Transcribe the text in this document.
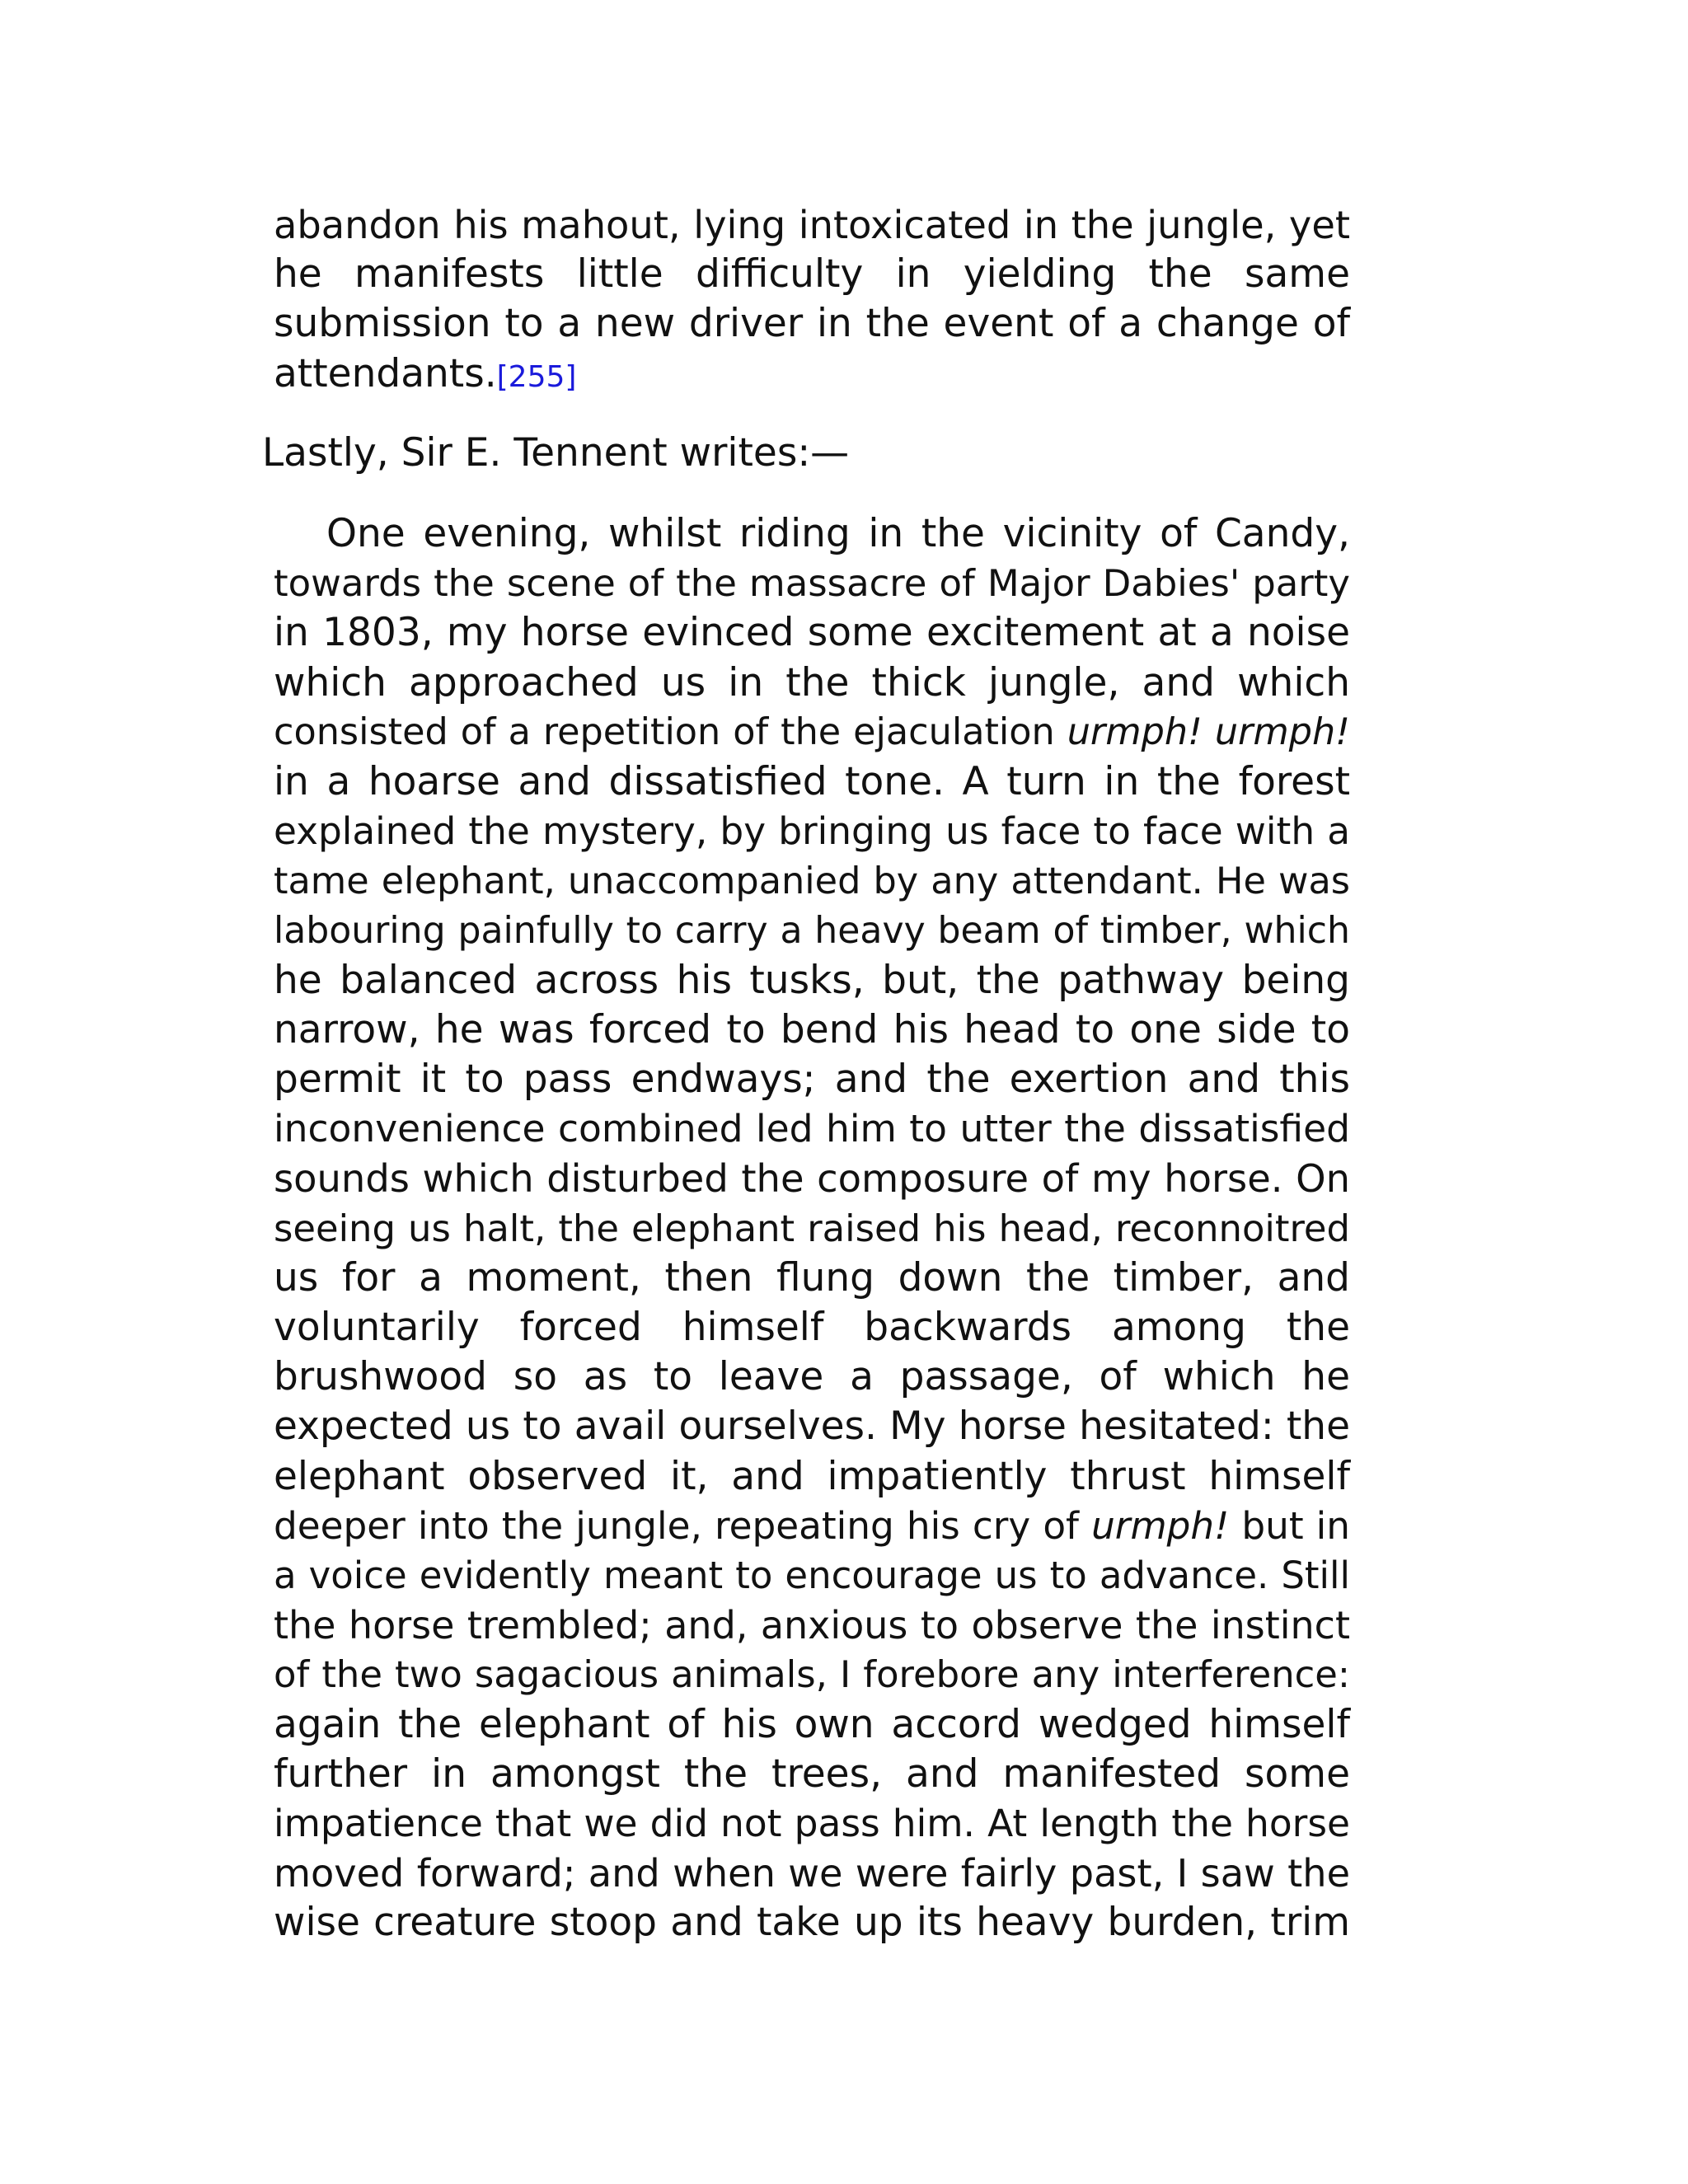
abandon his mahout, lying intoxicated in the jungle, yet
he manifests little difficulty in yielding the same
submission to a new driver in the event of a change of
attendants.[255]

Lastly, Sir E. Tennent writes:—

One evening, whilst riding in the vicinity of Candy,
towards the scene of the massacre of Major Dabies' party
in 1803, my horse evinced some excitement at a noise
which approached us in the thick jungle, and which
consisted of a repetition of the ejaculation urmph! urmph!
in a hoarse and dissatisfied tone. A turn in the forest
explained the mystery, by bringing us face to face with a
tame elephant, unaccompanied by any attendant. He was
labouring painfully to carry a heavy beam of timber, which
he balanced across his tusks, but, the pathway being
narrow, he was forced to bend his head to one side to
permit it to pass endways; and the exertion and this
inconvenience combined led him to utter the dissatisfied
sounds which disturbed the composure of my horse. On
seeing us halt, the elephant raised his head, reconnoitred
us for a moment, then flung down the timber, and
voluntarily forced himself backwards among the
brushwood so as to leave a passage, of which he
expected us to avail ourselves. My horse hesitated: the
elephant observed it, and impatiently thrust himself
deeper into the jungle, repeating his cry of urmph! but in
a voice evidently meant to encourage us to advance. Still
the horse trembled; and, anxious to observe the instinct
of the two sagacious animals, I forebore any interference:
again the elephant of his own accord wedged himself
further in amongst the trees, and manifested some
impatience that we did not pass him. At length the horse
moved forward; and when we were fairly past, I saw the
wise creature stoop and take up its heavy burden, trim
